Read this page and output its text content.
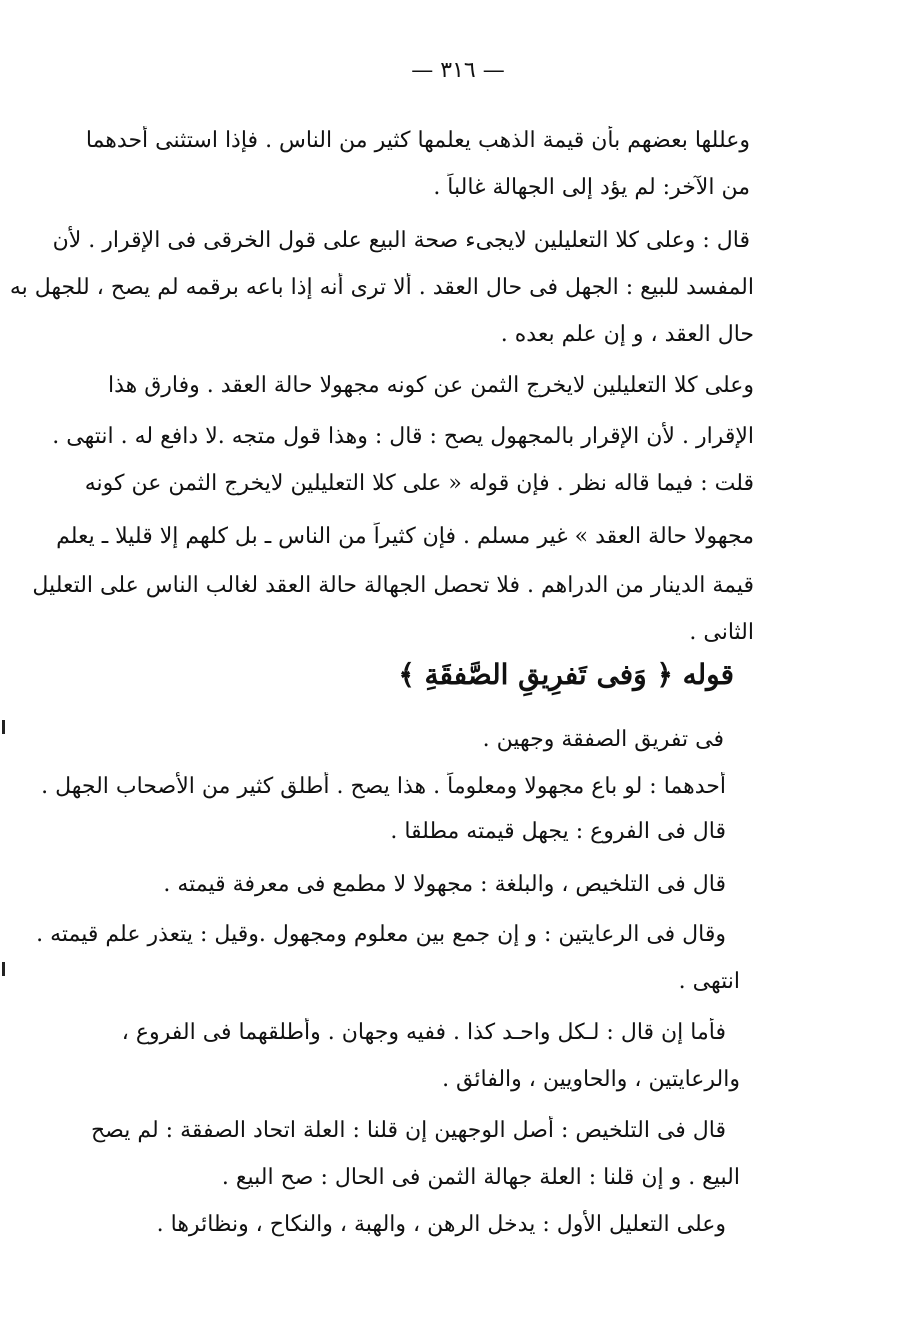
— ٣١٦ —
وعللها بعضهم بأن قيمة الذهب يعلمها كثير من الناس . فإذا استثنى أحدهما
من الآخر: لم يؤد إلى الجهالة غالباً .
قال : وعلى كلا التعليلين لايجىء صحة البيع على قول الخرقى فى الإقرار . لأن
المفسد للبيع : الجهل فى حال العقد . ألا ترى أنه إذا باعه برقمه لم يصح ، للجهل به
حال العقد ، و إن علم بعده .
وعلى كلا التعليلين لايخرج الثمن عن كونه مجهولا حالة العقد . وفارق هذا
الإقرار . لأن الإقرار بالمجهول يصح : قال : وهذا قول متجه .لا دافع له . انتهى .
قلت : فيما قاله نظر . فإن قوله « على كلا التعليلين لايخرج الثمن عن كونه
مجهولا حالة العقد » غير مسلم . فإن كثيراً من الناس ـ بل كلهم إلا قليلا ـ يعلم
قيمة الدينار من الدراهم . فلا تحصل الجهالة حالة العقد لغالب الناس على التعليل
الثانى .
قوله ﴿ وَفى تَفرِيقِ الصَّفقَةِ ﴾
فى تفريق الصفقة وجهين .
أحدهما : لو باع مجهولا ومعلوماً . هذا يصح . أطلق كثير من الأصحاب الجهل .
قال فى الفروع : يجهل قيمته مطلقا .
قال فى التلخيص ، والبلغة : مجهولا لا مطمع فى معرفة قيمته .
وقال فى الرعايتين : و إن جمع بين معلوم ومجهول .وقيل : يتعذر علم قيمته .
انتهى .
فأما إن قال : لـكل واحـد كذا . ففيه وجهان . وأطلقهما فى الفروع ،
والرعايتين ، والحاويين ، والفائق .
قال فى التلخيص : أصل الوجهين إن قلنا : العلة اتحاد الصفقة : لم يصح
البيع . و إن قلنا : العلة جهالة الثمن فى الحال : صح البيع .
وعلى التعليل الأول : يدخل الرهن ، والهبة ، والنكاح ، ونظائرها .
